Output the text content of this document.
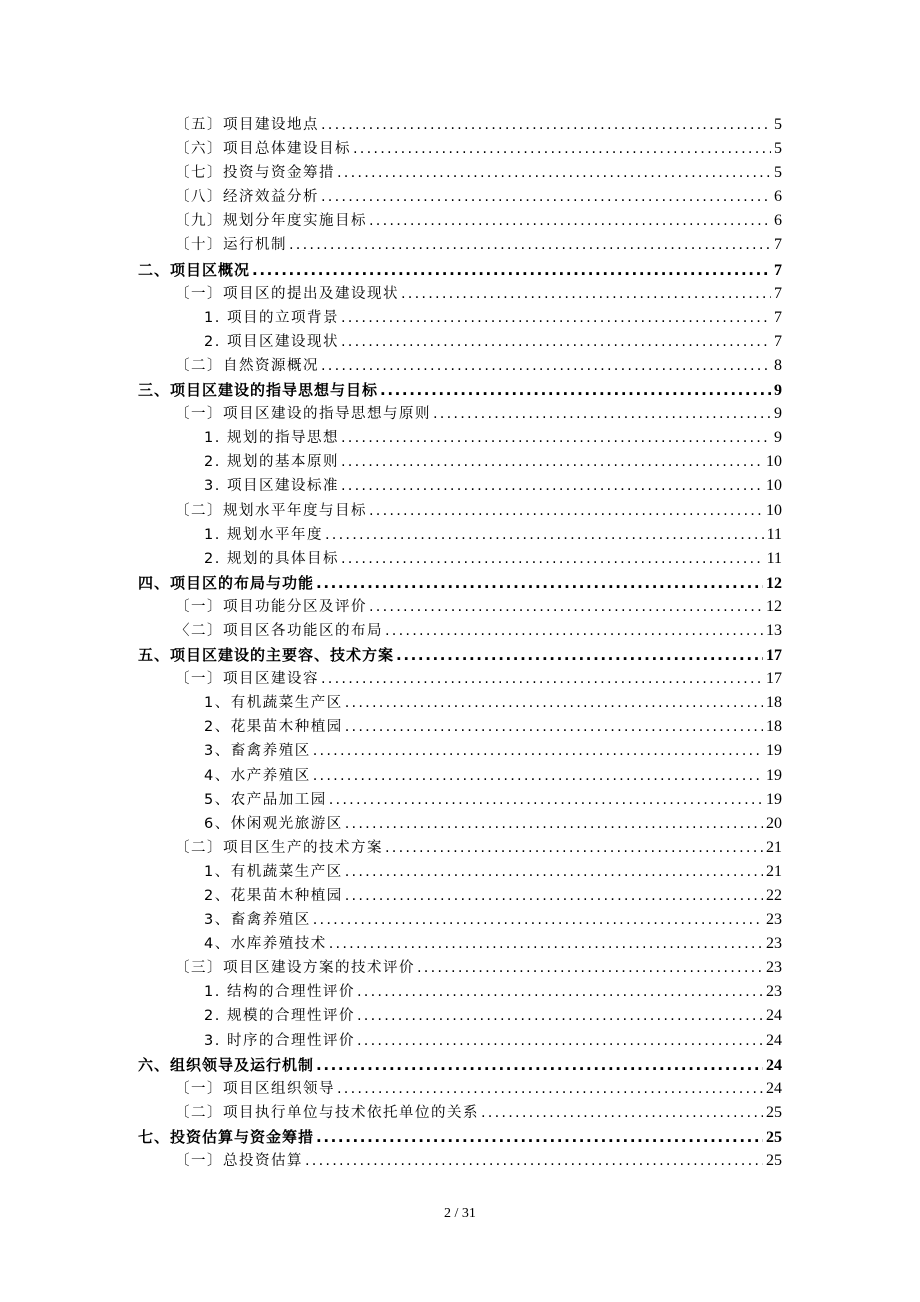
〔五〕项目建设地点 .....	5
〔六〕项目总体建设目标 .....	5
〔七〕投资与资金筹措 .....	5
〔八〕经济效益分析 .....	6
〔九〕规划分年度实施目标 .....	6
〔十〕运行机制 .....	7
二、项目区概况 .....	7
〔一〕项目区的提出及建设现状 .....	7
1. 项目的立项背景 .....	7
2. 项目区建设现状 .....	7
〔二〕自然资源概况 .....	8
三、项目区建设的指导思想与目标 .....	9
〔一〕项目区建设的指导思想与原则 .....	9
1. 规划的指导思想 .....	9
2. 规划的基本原则 .....	10
3. 项目区建设标准 .....	10
〔二〕规划水平年度与目标 .....	10
1. 规划水平年度 .....	11
2. 规划的具体目标 .....	11
四、项目区的布局与功能 .....	12
〔一〕项目功能分区及评价 .....	12
〈二〕项目区各功能区的布局 .....	13
五、项目区建设的主要容、技术方案 .....	17
〔一〕项目区建设容 .....	17
1、有机蔬菜生产区 .....	18
2、花果苗木种植园 .....	18
3、畜禽养殖区 .....	19
4、水产养殖区 .....	19
5、农产品加工园 .....	19
6、休闲观光旅游区 .....	20
〔二〕项目区生产的技术方案 .....	21
1、有机蔬菜生产区 .....	21
2、花果苗木种植园 .....	22
3、畜禽养殖区 .....	23
4、水库养殖技术 .....	23
〔三〕项目区建设方案的技术评价 .....	23
1. 结构的合理性评价 .....	23
2. 规模的合理性评价 .....	24
3. 时序的合理性评价 .....	24
六、组织领导及运行机制 .....	24
〔一〕项目区组织领导 .....	24
〔二〕项目执行单位与技术依托单位的关系 .....	25
七、投资估算与资金筹措 .....	25
〔一〕总投资估算 .....	25
2 / 31
